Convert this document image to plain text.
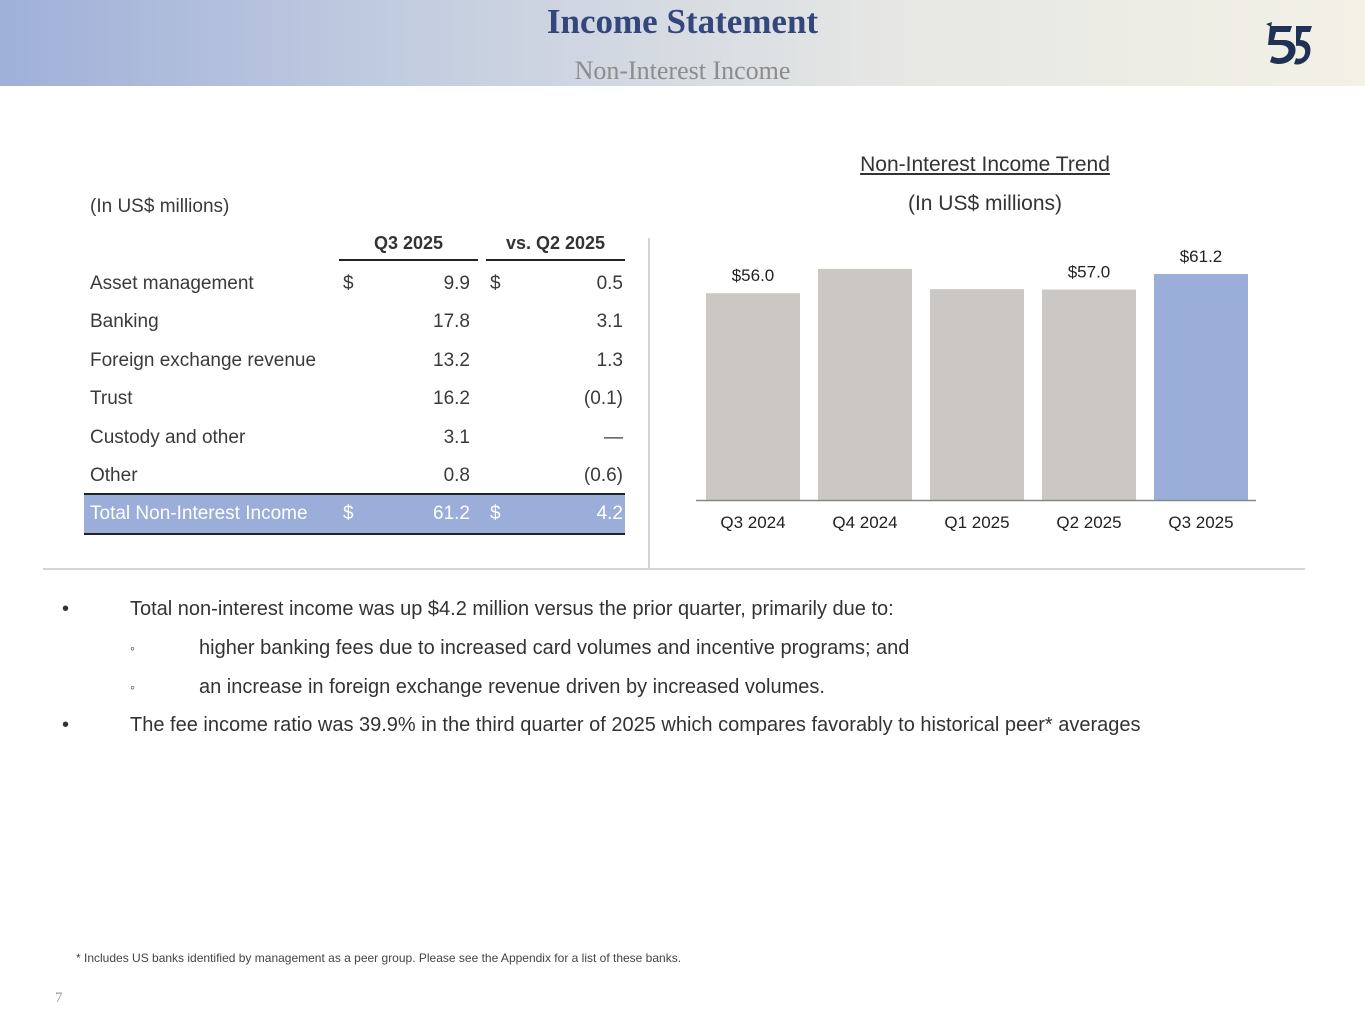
Income Statement
Non-Interest Income
(In US$ millions)
Q3 2025	vs. Q2 2025
Asset management	$	9.9 $	0.5
Banking	17.8	3.1
Foreign exchange revenue	13.2	1.3
Trust	16.2	(0.1)
Custody and other	3.1	—
Other	0.8	(0.6)
Total Non-Interest Income $	61.2 $	4.2
Non-Interest Income Trend
(In US$ millions)
$56.0
Q3 2024	Q4 2024	Q1 2025
$57.0
Q2 2025
$61.2
Q3 2025
•	Total non-interest income was up $4.2 million versus the prior quarter, primarily due to:
◦	higher banking fees due to increased card volumes and incentive programs; and
◦	an increase in foreign exchange revenue driven by increased volumes.
•	The fee income ratio was 39.9% in the third quarter of 2025 which compares favorably to historical peer* averages
* Includes US banks identified by management as a peer group. Please see the Appendix for a list of these banks.
7
